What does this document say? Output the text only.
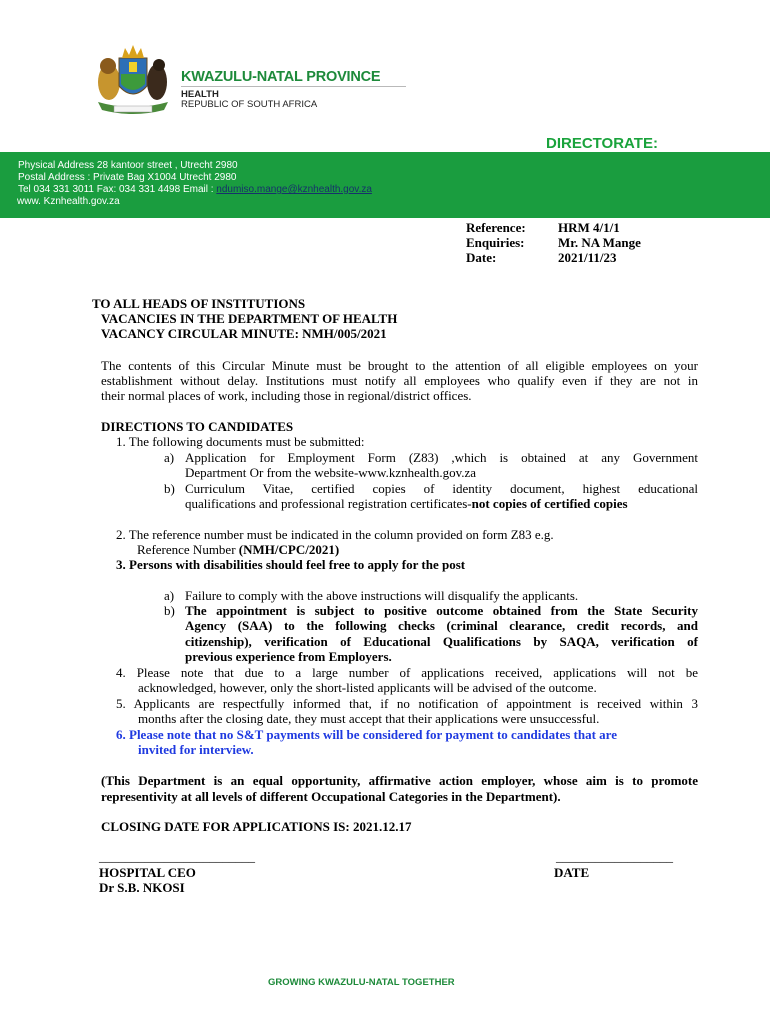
KWAZULU-NATAL PROVINCE
HEALTH
REPUBLIC OF SOUTH AFRICA
DIRECTORATE:
Physical Address 28 kantoor street , Utrecht 2980
Postal Address : Private Bag X1004 Utrecht 2980
Tel 034 331 3011 Fax: 034 331 4498 Email : ndumiso.mange@kznhealth.gov.za
www. Kznhealth.gov.za
Reference: HRM 4/1/1
Enquiries:	Mr. NA Mange
Date:	2021/11/23
TO ALL HEADS OF INSTITUTIONS
VACANCIES IN THE DEPARTMENT OF HEALTH
VACANCY CIRCULAR MINUTE: NMH/005/2021
The contents of this Circular Minute must be brought to the attention of all eligible employees on your
establishment without delay. Institutions must notify all employees who qualify even if they are not in
their normal places of work, including those in regional/district offices.
DIRECTIONS TO CANDIDATES
1. The following documents must be submitted:
a) Application for Employment Form (Z83) ,which is obtained at any Government
Department Or from the website-www.kznhealth.gov.za
b) Curriculum Vitae, certified copies of identity document, highest educational
qualifications and professional registration certificates-not copies of certified copies
2. The reference number must be indicated in the column provided on form Z83 e.g.
Reference Number (NMH/CPC/2021)
3. Persons with disabilities should feel free to apply for the post
a) Failure to comply with the above instructions will disqualify the applicants.
b) The appointment is subject to positive outcome obtained from the State Security
Agency (SAA) to the following checks (criminal clearance, credit records, and
citizenship), verification of Educational Qualifications by SAQA, verification of
previous experience from Employers.
4. Please note that due to a large number of applications received, applications will not be
acknowledged, however, only the short-listed applicants will be advised of the outcome.
5. Applicants are respectfully informed that, if no notification of appointment is received within 3
months after the closing date, they must accept that their applications were unsuccessful.
6. Please note that no S&T payments will be considered for payment to candidates that are
invited for interview.
(This Department is an equal opportunity, affirmative action employer, whose aim is to promote
representivity at all levels of different Occupational Categories in the Department).
CLOSING DATE FOR APPLICATIONS IS: 2021.12.17
________________________	__________________
HOSPITAL CEO	DATE
Dr S.B. NKOSI
GROWING KWAZULU-NATAL TOGETHER
